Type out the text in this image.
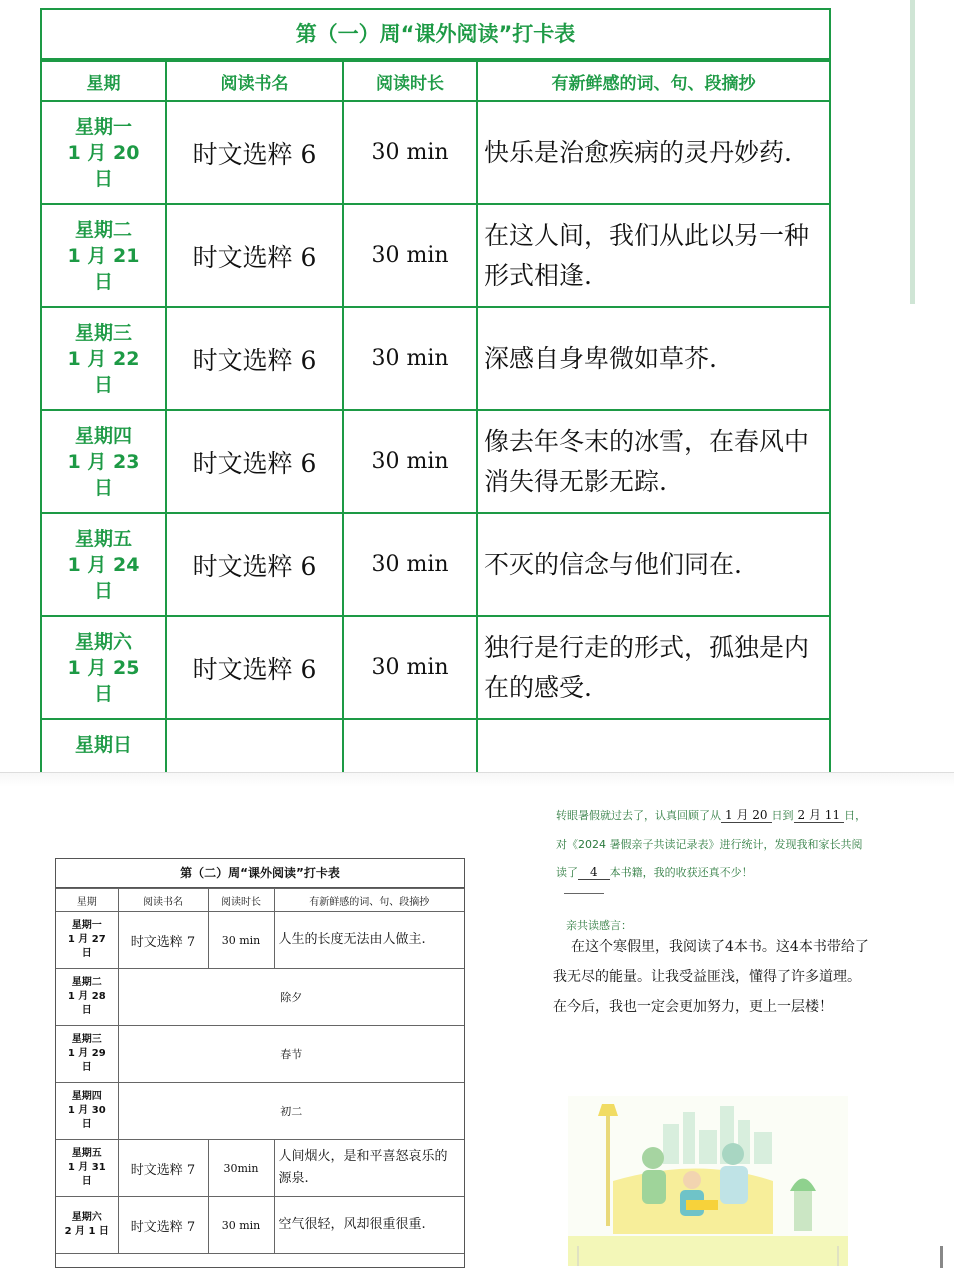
第（一）周“课外阅读”打卡表
星期	阅读书名	阅读时长	有新鲜感的词、句、段摘抄

星期一
1 月 20
日	时文选粹 6	30 min	快乐是治愈疾病的灵丹妙药.

星期二
1 月 21
日	时文选粹 6	30 min	在这人间，我们从此以另一种形式相逢.

星期三
1 月 22
日	时文选粹 6	30 min	深感自身卑微如草芥.

星期四
1 月 23
日	时文选粹 6	30 min	像去年冬末的冰雪，在春风中消失得无影无踪.

星期五
1 月 24
日	时文选粹 6	30 min	不灭的信念与他们同在.

星期六
1 月 25
日	时文选粹 6	30 min	独行是行走的形式，孤独是内在的感受.

星期日			

第（二）周“课外阅读”打卡表
星期	阅读书名	阅读时长	有新鲜感的词、句、段摘抄

星期一
1 月 27
日	时文选粹 7	30 min	人生的长度无法由人做主.

星期二
1 月 28
日	除夕		

星期三
1 月 29
日	春节		

星期四
1 月 30
日	初二		

星期五
1 月 31
日	时文选粹 7	30min	人间烟火，是和平喜怒哀乐的源泉.

星期六
2 月 1 日	时文选粹 7	30 min	空气很轻，风却很重很重.
转眼暑假就过去了，认真回顾了从 1 月 20 日到 2 月 11 日，
对《2024 暑假亲子共读记录表》进行统计，发现我和家长共阅
读了 4 本书籍，我的收获还真不少！
亲共读感言：
在这个寒假里，我阅读了4本书。这4本书带给了我无尽的能量。让我受益匪浅，懂得了许多道理。在今后，我也一定会更加努力，更上一层楼！
